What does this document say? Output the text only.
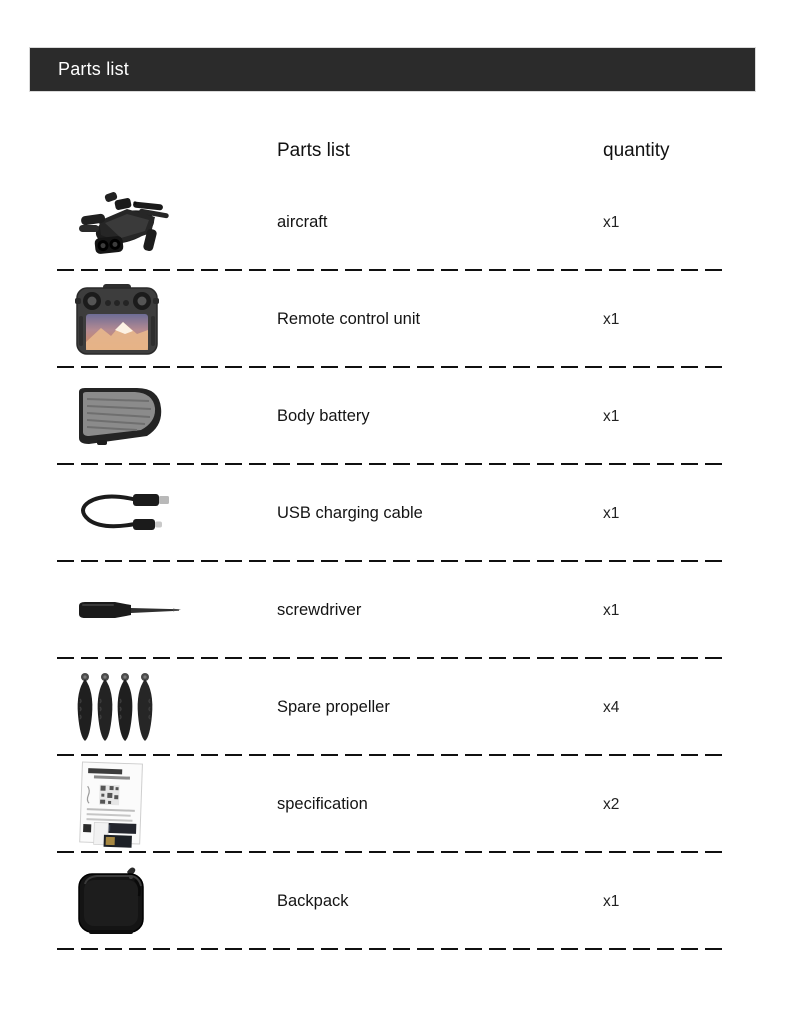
Parts list
Parts list	quantity
aircraft	x1
Remote control unit	x1
Body battery	x1
USB charging cable	x1
screwdriver	x1
Spare propeller	x4
specification	x2
Backpack	x1
